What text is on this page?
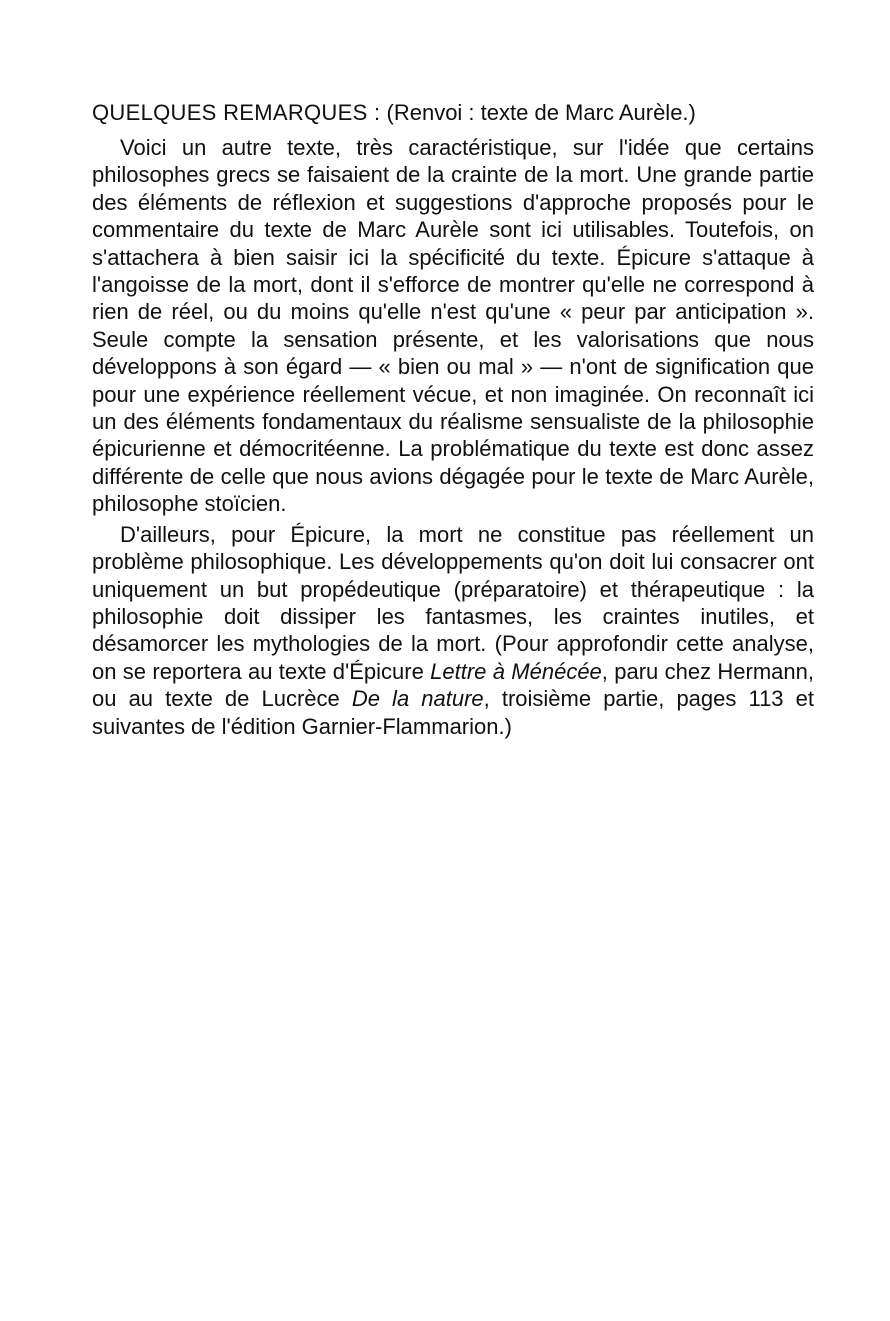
QUELQUES REMARQUES : (Renvoi : texte de Marc Aurèle.)

Voici un autre texte, très caractéristique, sur l'idée que certains philosophes grecs se faisaient de la crainte de la mort. Une grande partie des éléments de réflexion et suggestions d'approche proposés pour le commentaire du texte de Marc Aurèle sont ici utilisables. Toutefois, on s'attachera à bien saisir ici la spécificité du texte. Épicure s'attaque à l'angoisse de la mort, dont il s'efforce de montrer qu'elle ne correspond à rien de réel, ou du moins qu'elle n'est qu'une « peur par anticipation ». Seule compte la sensation présente, et les valorisations que nous développons à son égard — « bien ou mal » — n'ont de signification que pour une expérience réellement vécue, et non imaginée. On reconnaît ici un des éléments fondamentaux du réalisme sensualiste de la philosophie épicurienne et démocritéenne. La problématique du texte est donc assez différente de celle que nous avions dégagée pour le texte de Marc Aurèle, philosophe stoïcien.

D'ailleurs, pour Épicure, la mort ne constitue pas réellement un problème philosophique. Les développements qu'on doit lui consacrer ont uniquement un but propédeutique (préparatoire) et thérapeutique : la philosophie doit dissiper les fantasmes, les craintes inutiles, et désamorcer les mythologies de la mort. (Pour approfondir cette analyse, on se reportera au texte d'Épicure Lettre à Ménécée, paru chez Hermann, ou au texte de Lucrèce De la nature, troisième partie, pages 113 et suivantes de l'édition Garnier-Flammarion.)
